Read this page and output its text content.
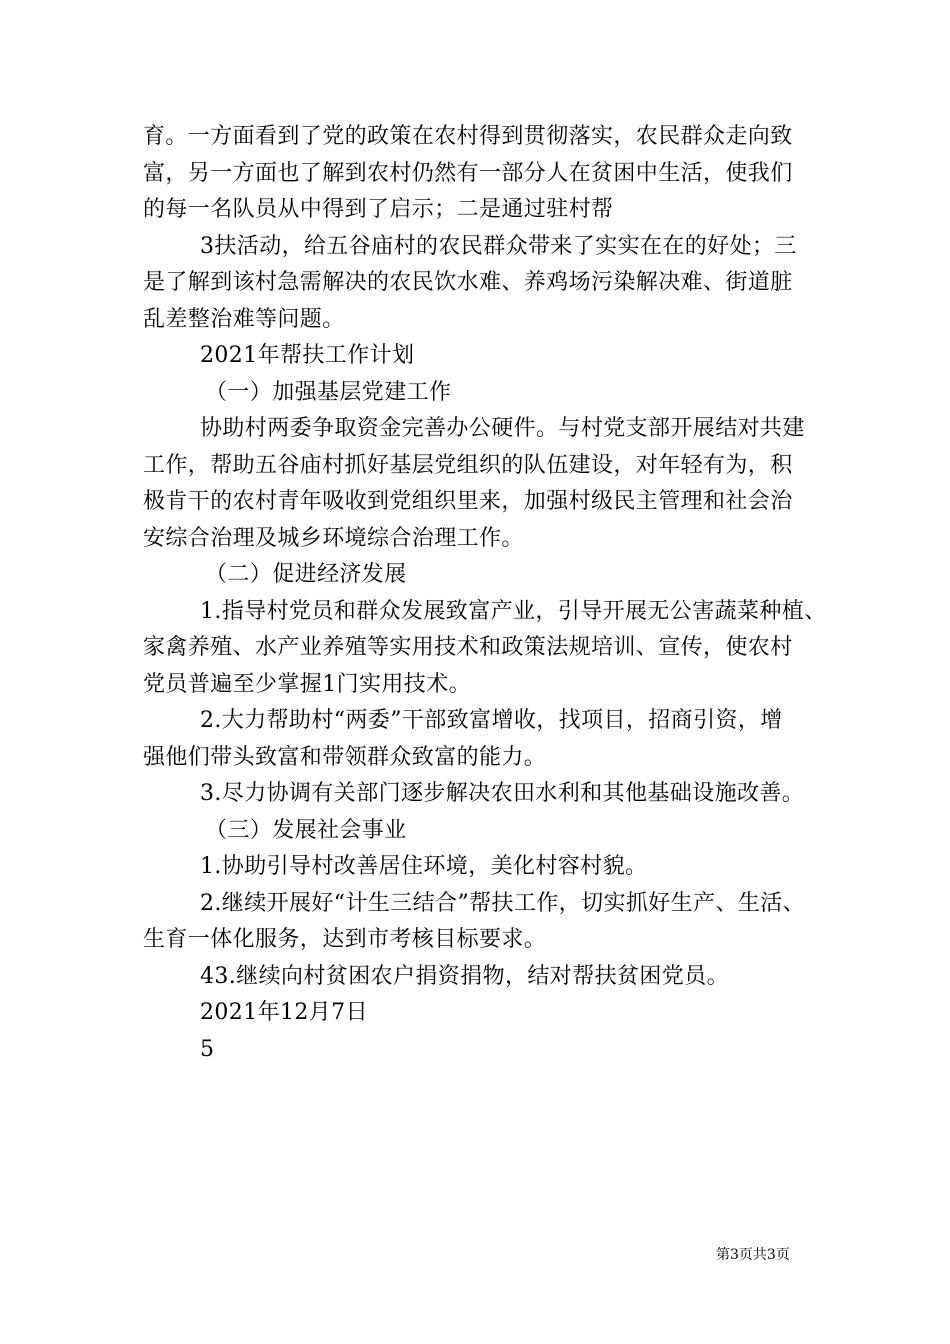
育。一方面看到了党的政策在农村得到贯彻落实，农民群众走向致
富，另一方面也了解到农村仍然有一部分人在贫困中生活，使我们
的每一名队员从中得到了启示；二是通过驻村帮
3扶活动，给五谷庙村的农民群众带来了实实在在的好处；三
是了解到该村急需解决的农民饮水难、养鸡场污染解决难、街道脏
乱差整治难等问题。
2021年帮扶工作计划
（一）加强基层党建工作
协助村两委争取资金完善办公硬件。与村党支部开展结对共建
工作，帮助五谷庙村抓好基层党组织的队伍建设，对年轻有为，积
极肯干的农村青年吸收到党组织里来，加强村级民主管理和社会治
安综合治理及城乡环境综合治理工作。
（二）促进经济发展
1.指导村党员和群众发展致富产业，引导开展无公害蔬菜种植、
家禽养殖、水产业养殖等实用技术和政策法规培训、宣传，使农村
党员普遍至少掌握1门实用技术。
2.大力帮助村“两委”干部致富增收，找项目，招商引资，增
强他们带头致富和带领群众致富的能力。
3.尽力协调有关部门逐步解决农田水利和其他基础设施改善。
（三）发展社会事业
1.协助引导村改善居住环境，美化村容村貌。
2.继续开展好“计生三结合”帮扶工作，切实抓好生产、生活、
生育一体化服务，达到市考核目标要求。
43.继续向村贫困农户捐资捐物，结对帮扶贫困党员。
2021年12月7日
5
第3页共3页
